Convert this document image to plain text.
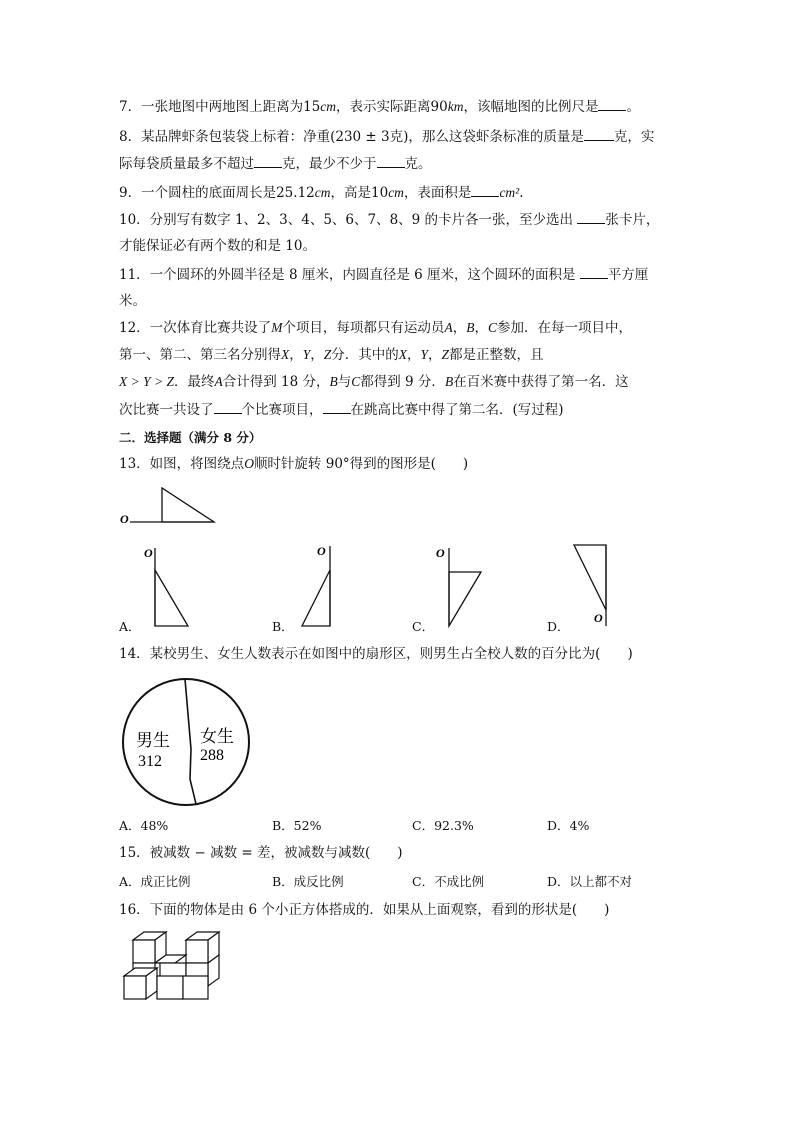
7．一张地图中两地图上距离为15cm，表示实际距离90km，该幅地图的比例尺是 。
8．某品牌虾条包装袋上标着：净重(230 ± 3克)，那么这袋虾条标准的质量是 克，实
际每袋质量最多不超过 克，最少不少于 克。
9．一个圆柱的底面周长是25.12cm，高是10cm，表面积是 cm².
10．分别写有数字 1、2、3、4、5、6、7、8、9 的卡片各一张，至少选出 张卡片，
才能保证必有两个数的和是 10。
11．一个圆环的外圆半径是 8 厘米，内圆直径是 6 厘米，这个圆环的面积是 平方厘
米。
12．一次体育比赛共设了M个项目，每项都只有运动员A，B，C参加．在每一项目中，
第一、第二、第三名分别得X，Y，Z分．其中的X，Y，Z都是正整数，且
X > Y > Z．最终A合计得到 18 分，B与C都得到 9 分．B在百米赛中获得了第一名．这
次比赛一共设了 个比赛项目， 在跳高比赛中得了第二名．(写过程)
二．选择题（满分 8 分）
13．如图，将图绕点O顺时针旋转 90°得到的图形是(　　)
O
O	O	O
O
A．	B．	C．	D．
14．某校男生、女生人数表示在如图中的扇形区，则男生占全校人数的百分比为(　　)
男生
312
女生
288
A．48%	B．52%	C．92.3%	D．4%
15．被减数 − 减数 = 差，被减数与减数(　　)
A．成正比例	B．成反比例	C．不成比例	D．以上都不对
16．下面的物体是由 6 个小正方体搭成的．如果从上面观察，看到的形状是(　　)
